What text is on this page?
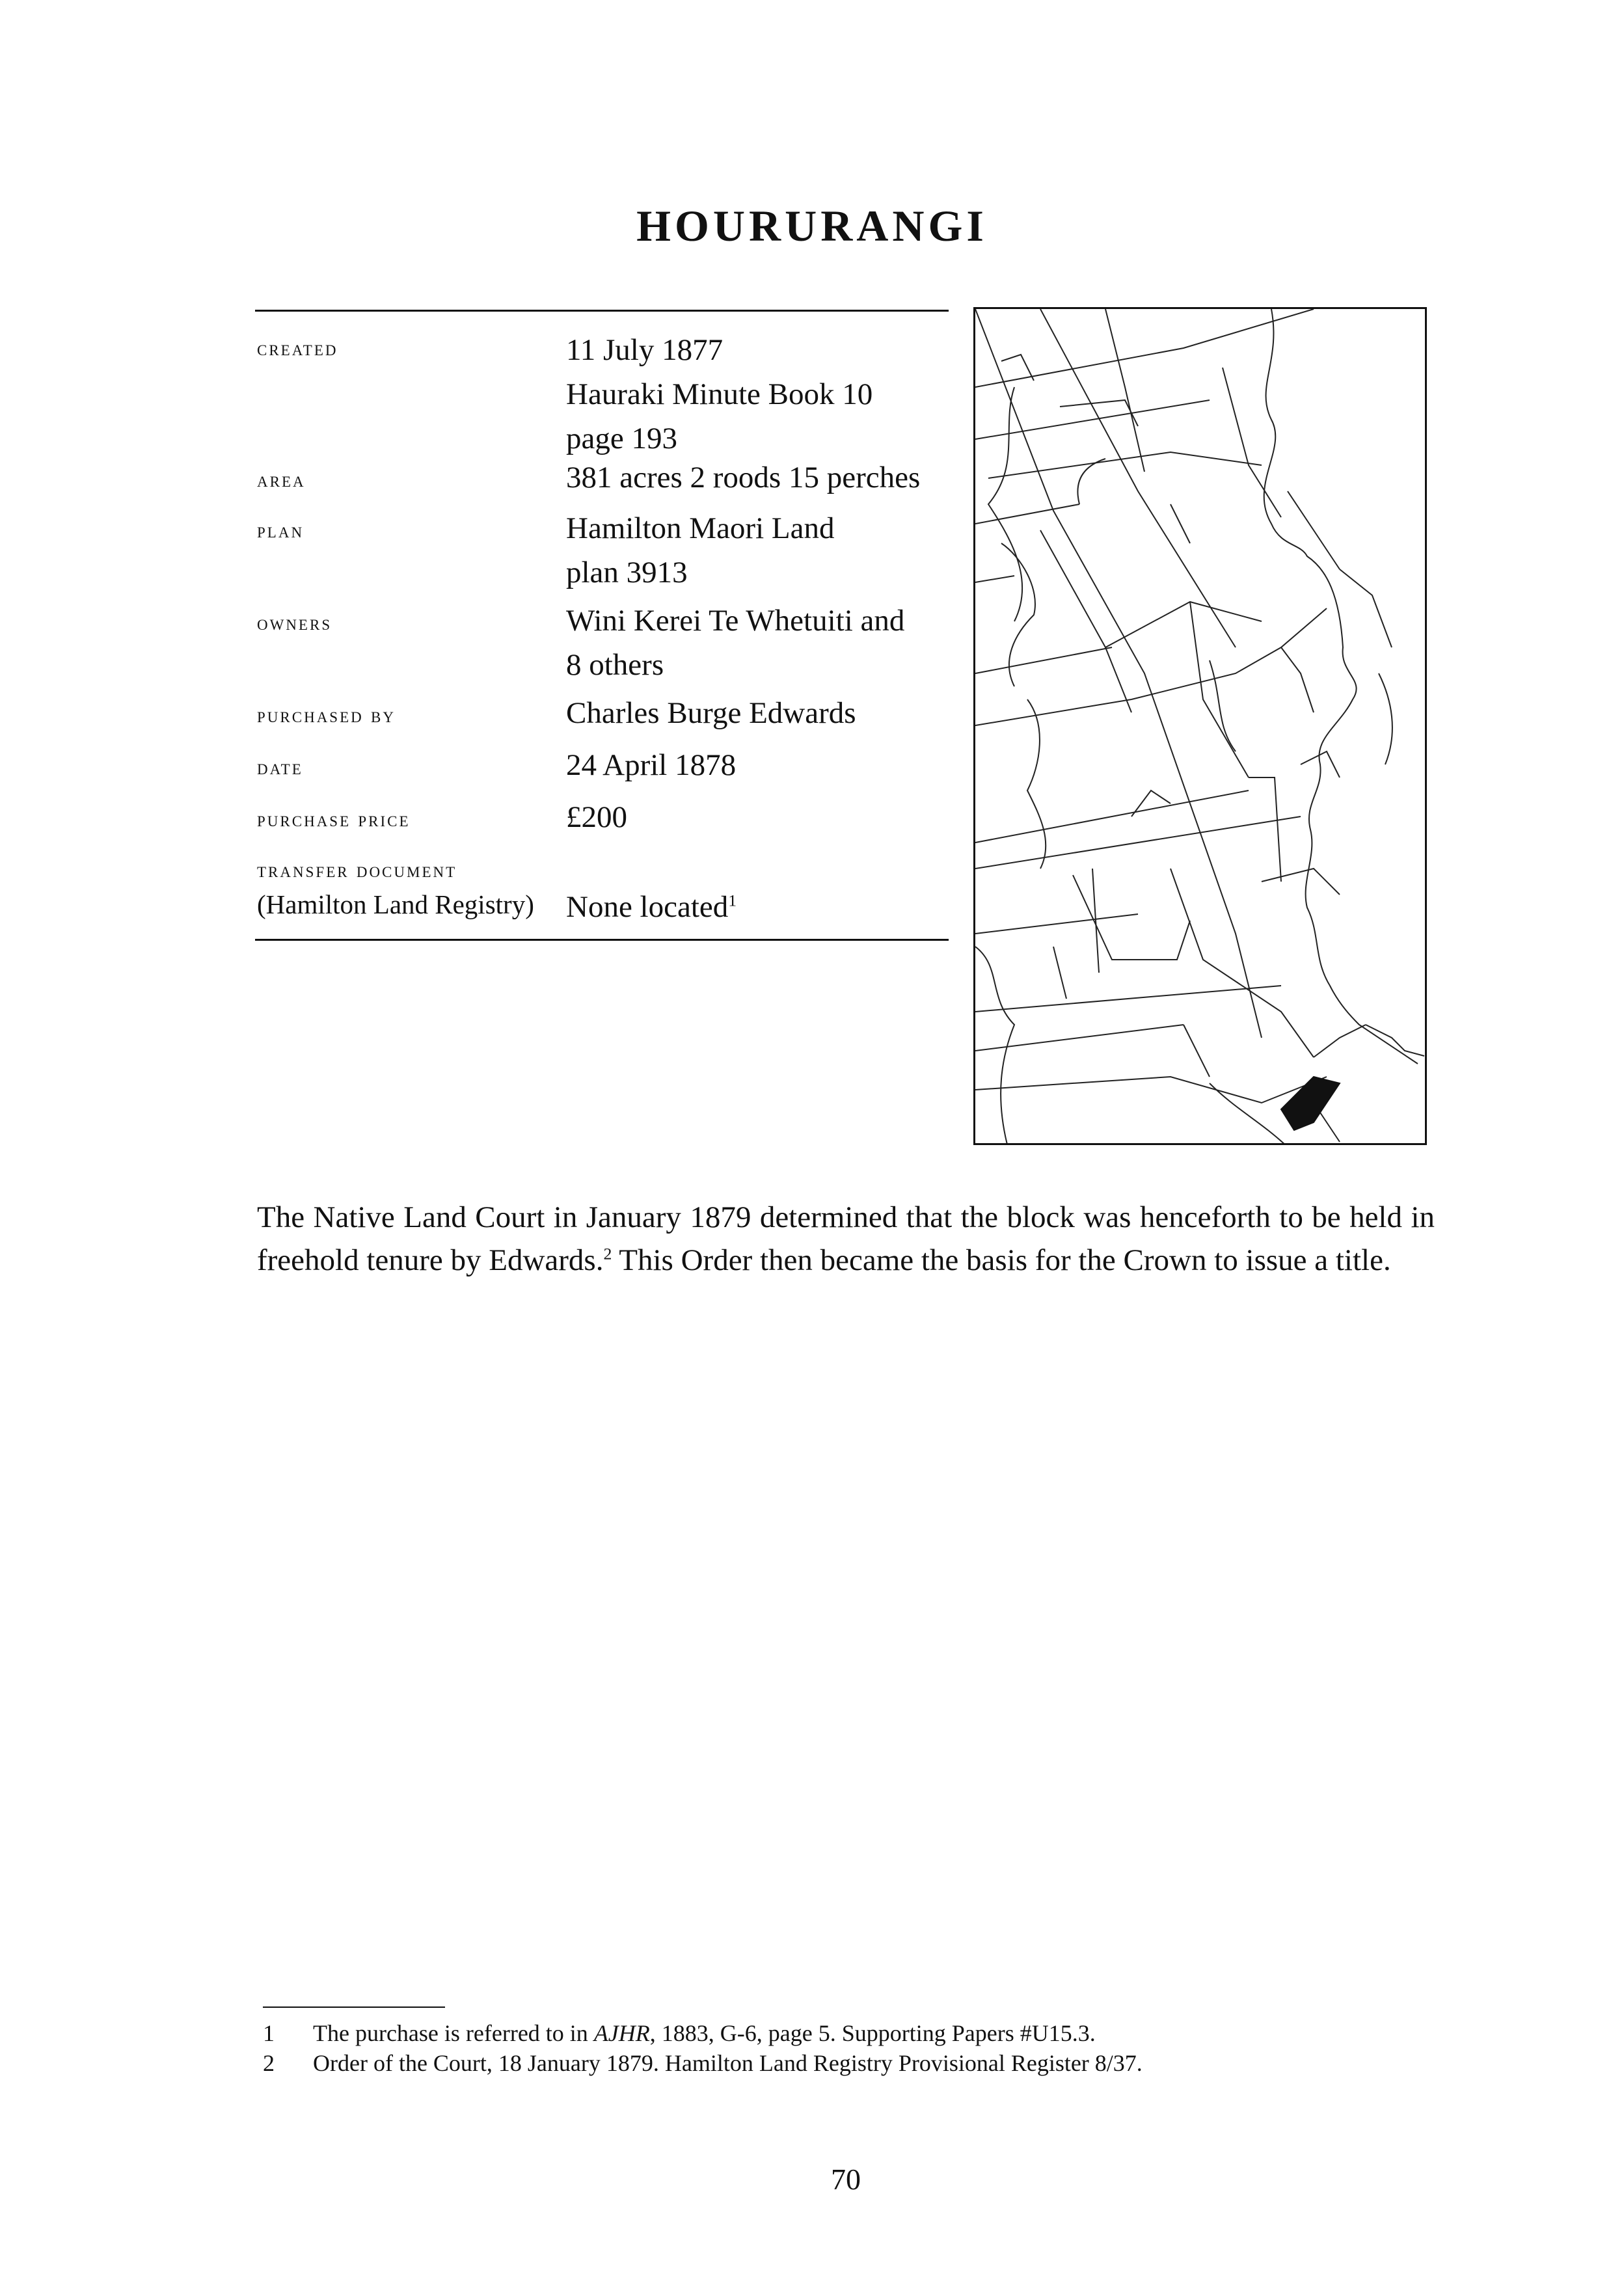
HOURURANGI
created	11 July 1877
Hauraki Minute Book 10
page 193
area	381 acres 2 roods 15 perches
plan	Hamilton Maori Land
plan 3913
owners	Wini Kerei Te Whetuiti and
8 others
purchased by	Charles Burge Edwards
date	24 April 1878
purchase price	£200
transfer document
(Hamilton Land Registry) None located$^1$
The Native Land Court in January 1879 determined that the block was henceforth to be held in freehold tenure by Edwards.$^2$ This Order then became the basis for the Crown to issue a title.
1 The purchase is referred to in AJHR, 1883, G-6, page 5. Supporting Papers #U15.3.
2 Order of the Court, 18 January 1879. Hamilton Land Registry Provisional Register 8/37.
70
